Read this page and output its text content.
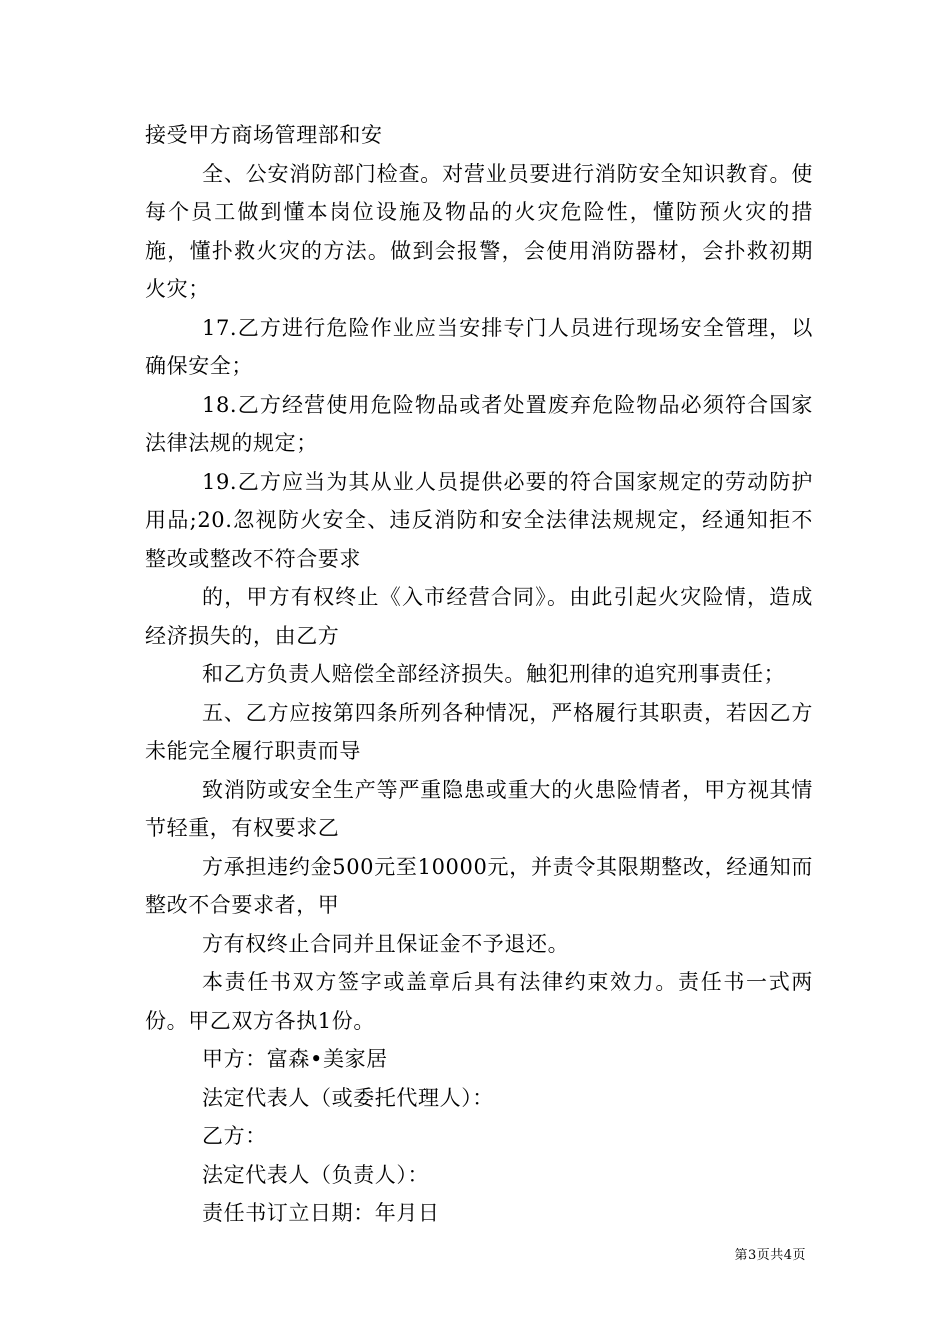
接受甲方商场管理部和安

全、公安消防部门检查。对营业员要进行消防安全知识教育。使每个员工做到懂本岗位设施及物品的火灾危险性，懂防预火灾的措施，懂扑救火灾的方法。做到会报警，会使用消防器材，会扑救初期火灾；

17.乙方进行危险作业应当安排专门人员进行现场安全管理，以确保安全；

18.乙方经营使用危险物品或者处置废弃危险物品必须符合国家法律法规的规定；

19.乙方应当为其从业人员提供必要的符合国家规定的劳动防护用品;20.忽视防火安全、违反消防和安全法律法规规定，经通知拒不整改或整改不符合要求

的，甲方有权终止《入市经营合同》。由此引起火灾险情，造成经济损失的，由乙方

和乙方负责人赔偿全部经济损失。触犯刑律的追究刑事责任；

五、乙方应按第四条所列各种情况，严格履行其职责，若因乙方未能完全履行职责而导

致消防或安全生产等严重隐患或重大的火患险情者，甲方视其情节轻重，有权要求乙

方承担违约金500元至10000元，并责令其限期整改，经通知而整改不合要求者，甲

方有权终止合同并且保证金不予退还。

本责任书双方签字或盖章后具有法律约束效力。责任书一式两份。甲乙双方各执1份。

甲方：富森•美家居

法定代表人（或委托代理人）：

乙方：

法定代表人（负责人）：

责任书订立日期：年月日

第3页共4页
